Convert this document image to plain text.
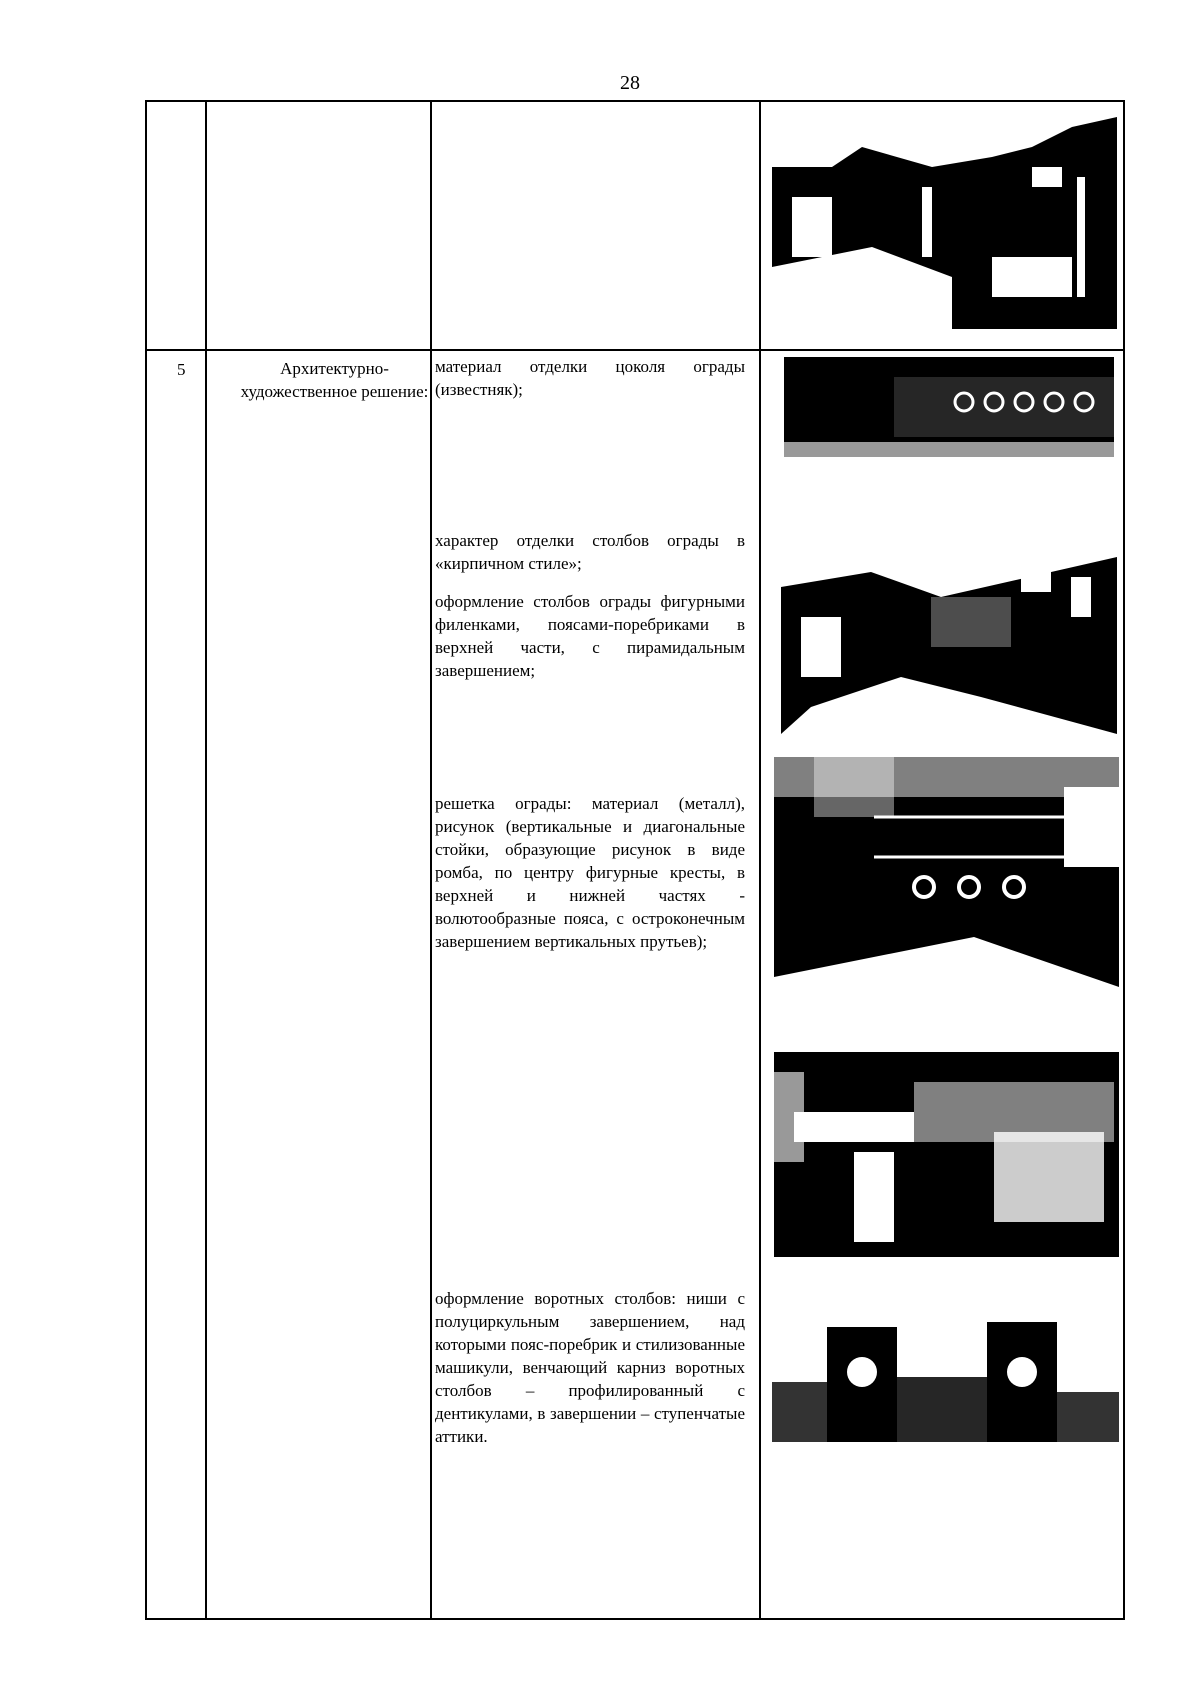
28
5	Архитектурно-художественное решение:
материал отделки цоколя ограды (известняк);
характер отделки столбов ограды в «кирпичном стиле»;
оформление столбов ограды фигурными филенками, поясами-поребриками в верхней части, с пирамидальным завершением;
решетка ограды: материал (металл), рисунок (вертикальные и диагональные стойки, образующие рисунок в виде ромба, по центру фигурные кресты, в верхней и нижней частях - волютообразные пояса, с остроконечным завершением вертикальных прутьев);
оформление воротных столбов: ниши с полуциркульным завершением, над которыми пояс-поребрик и стилизованные машикули, венчающий карниз воротных столбов – профилированный с дентикулами, в завершении – ступенчатые аттики.
